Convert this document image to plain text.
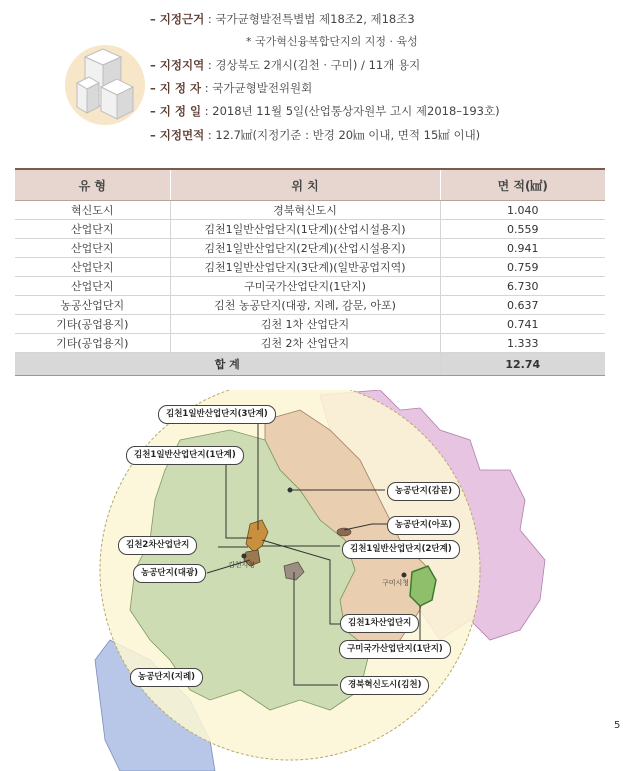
– 지정근거 : 국가균형발전특별법 제18조2, 제18조3
* 국가혁신융복합단지의 지정 · 육성
– 지정지역 : 경상북도 2개시(김천 · 구미) / 11개 용지
– 지 정 자 : 국가균형발전위원회
– 지 정 일 : 2018년 11월 5일(산업통상자원부 고시 제2018–193호)
– 지정면적 : 12.7㎢(지정기준 : 반경 20㎞ 이내, 면적 15㎢ 이내)
유 형	위 치	면 적(㎢)
혁신도시	경북혁신도시	1.040
산업단지	김천1일반산업단지(1단계)(산업시설용지)	0.559
산업단지	김천1일반산업단지(2단계)(산업시설용지)	0.941
산업단지	김천1일반산업단지(3단계)(일반공업지역)	0.759
산업단지	구미국가산업단지(1단지)	6.730
농공산업단지	김천 농공단지(대광, 지례, 감문, 아포)	0.637
기타(공업용지)	김천 1차 산업단지	0.741
기타(공업용지)	김천 2차 산업단지	1.333
합 계		12.74
김천1일반산업단지(3단계)
김천1일반산업단지(1단계)
농공단지(감문)
농공단지(아포)
김천2차산업단지	김천1일반산업단지(2단계)
농공단지(대광)
김천1차산업단지
구미국가산업단지(1단지)
농공단지(지례)
경북혁신도시(김천)
김천시청
구미시청
5
